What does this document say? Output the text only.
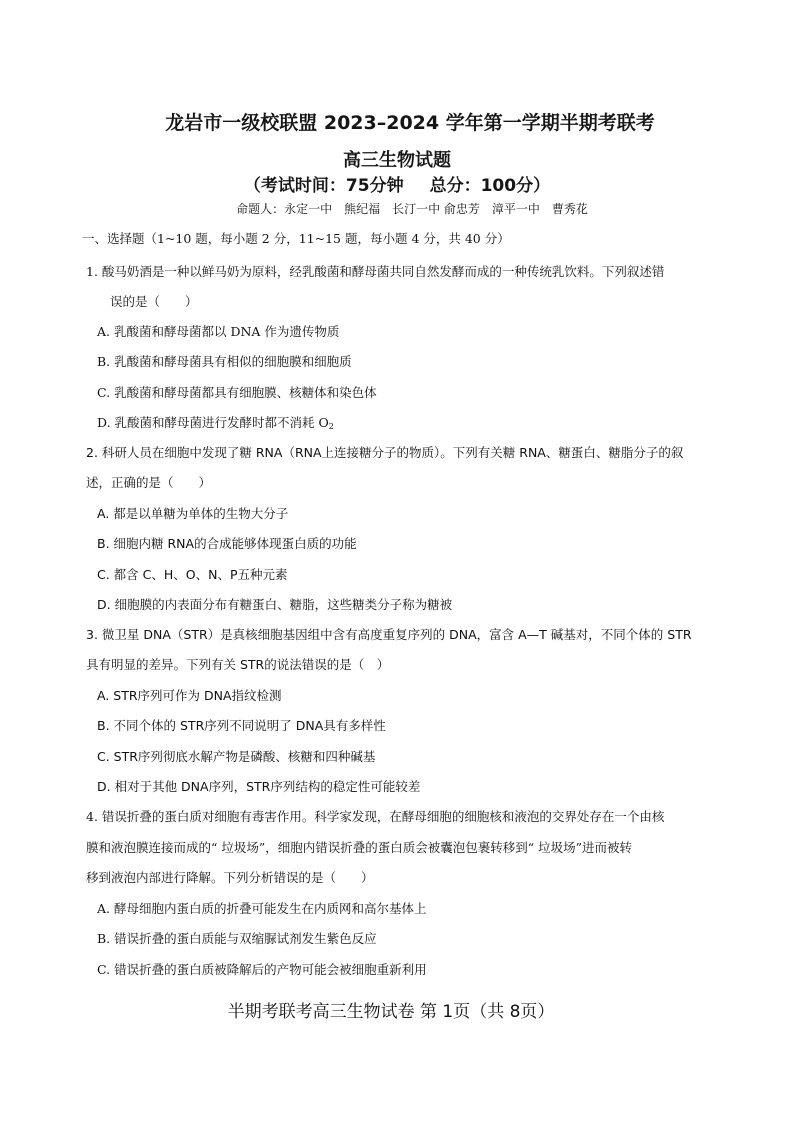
龙岩市一级校联盟 2023–2024 学年第一学期半期考联考
高三生物试题
（考试时间：75分钟 总分：100分）
命题人：永定一中　熊纪福　长汀一中 俞忠芳　漳平一中　曹秀花
一、选择题（1~10 题，每小题 2 分，11~15 题，每小题 4 分，共 40 分）
1. 酸马奶酒是一种以鲜马奶为原料，经乳酸菌和酵母菌共同自然发酵而成的一种传统乳饮料。下列叙述错
误的是（　　）
A. 乳酸菌和酵母菌都以 DNA 作为遗传物质
B. 乳酸菌和酵母菌具有相似的细胞膜和细胞质
C. 乳酸菌和酵母菌都具有细胞膜、核糖体和染色体
D. 乳酸菌和酵母菌进行发酵时都不消耗 $O_2$
2. 科研人员在细胞中发现了糖 RNA（RNA上连接糖分子的物质）。下列有关糖 RNA、糖蛋白、糖脂分子的叙
述，正确的是（　　）
A. 都是以单糖为单体的生物大分子
B. 细胞内糖 RNA的合成能够体现蛋白质的功能
C. 都含 C、H、O、N、P五种元素
D. 细胞膜的内表面分布有糖蛋白、糖脂，这些糖类分子称为糖被
3. 微卫星 DNA（STR）是真核细胞基因组中含有高度重复序列的 DNA，富含 A—T 碱基对，不同个体的 STR
具有明显的差异。下列有关 STR的说法错误的是（　）
A. STR序列可作为 DNA指纹检测
B. 不同个体的 STR序列不同说明了 DNA具有多样性
C. STR序列彻底水解产物是磷酸、核糖和四种碱基
D. 相对于其他 DNA序列，STR序列结构的稳定性可能较差
4. 错误折叠的蛋白质对细胞有毒害作用。科学家发现，在酵母细胞的细胞核和液泡的交界处存在一个由核
膜和液泡膜连接而成的“ 垃圾场”，细胞内错误折叠的蛋白质会被囊泡包裹转移到“ 垃圾场”进而被转
移到液泡内部进行降解。下列分析错误的是（　　）
A. 酵母细胞内蛋白质的折叠可能发生在内质网和高尔基体上
B. 错误折叠的蛋白质能与双缩脲试剂发生紫色反应
C. 错误折叠的蛋白质被降解后的产物可能会被细胞重新利用
半期考联考高三生物试卷 第 1页（共 8页）
